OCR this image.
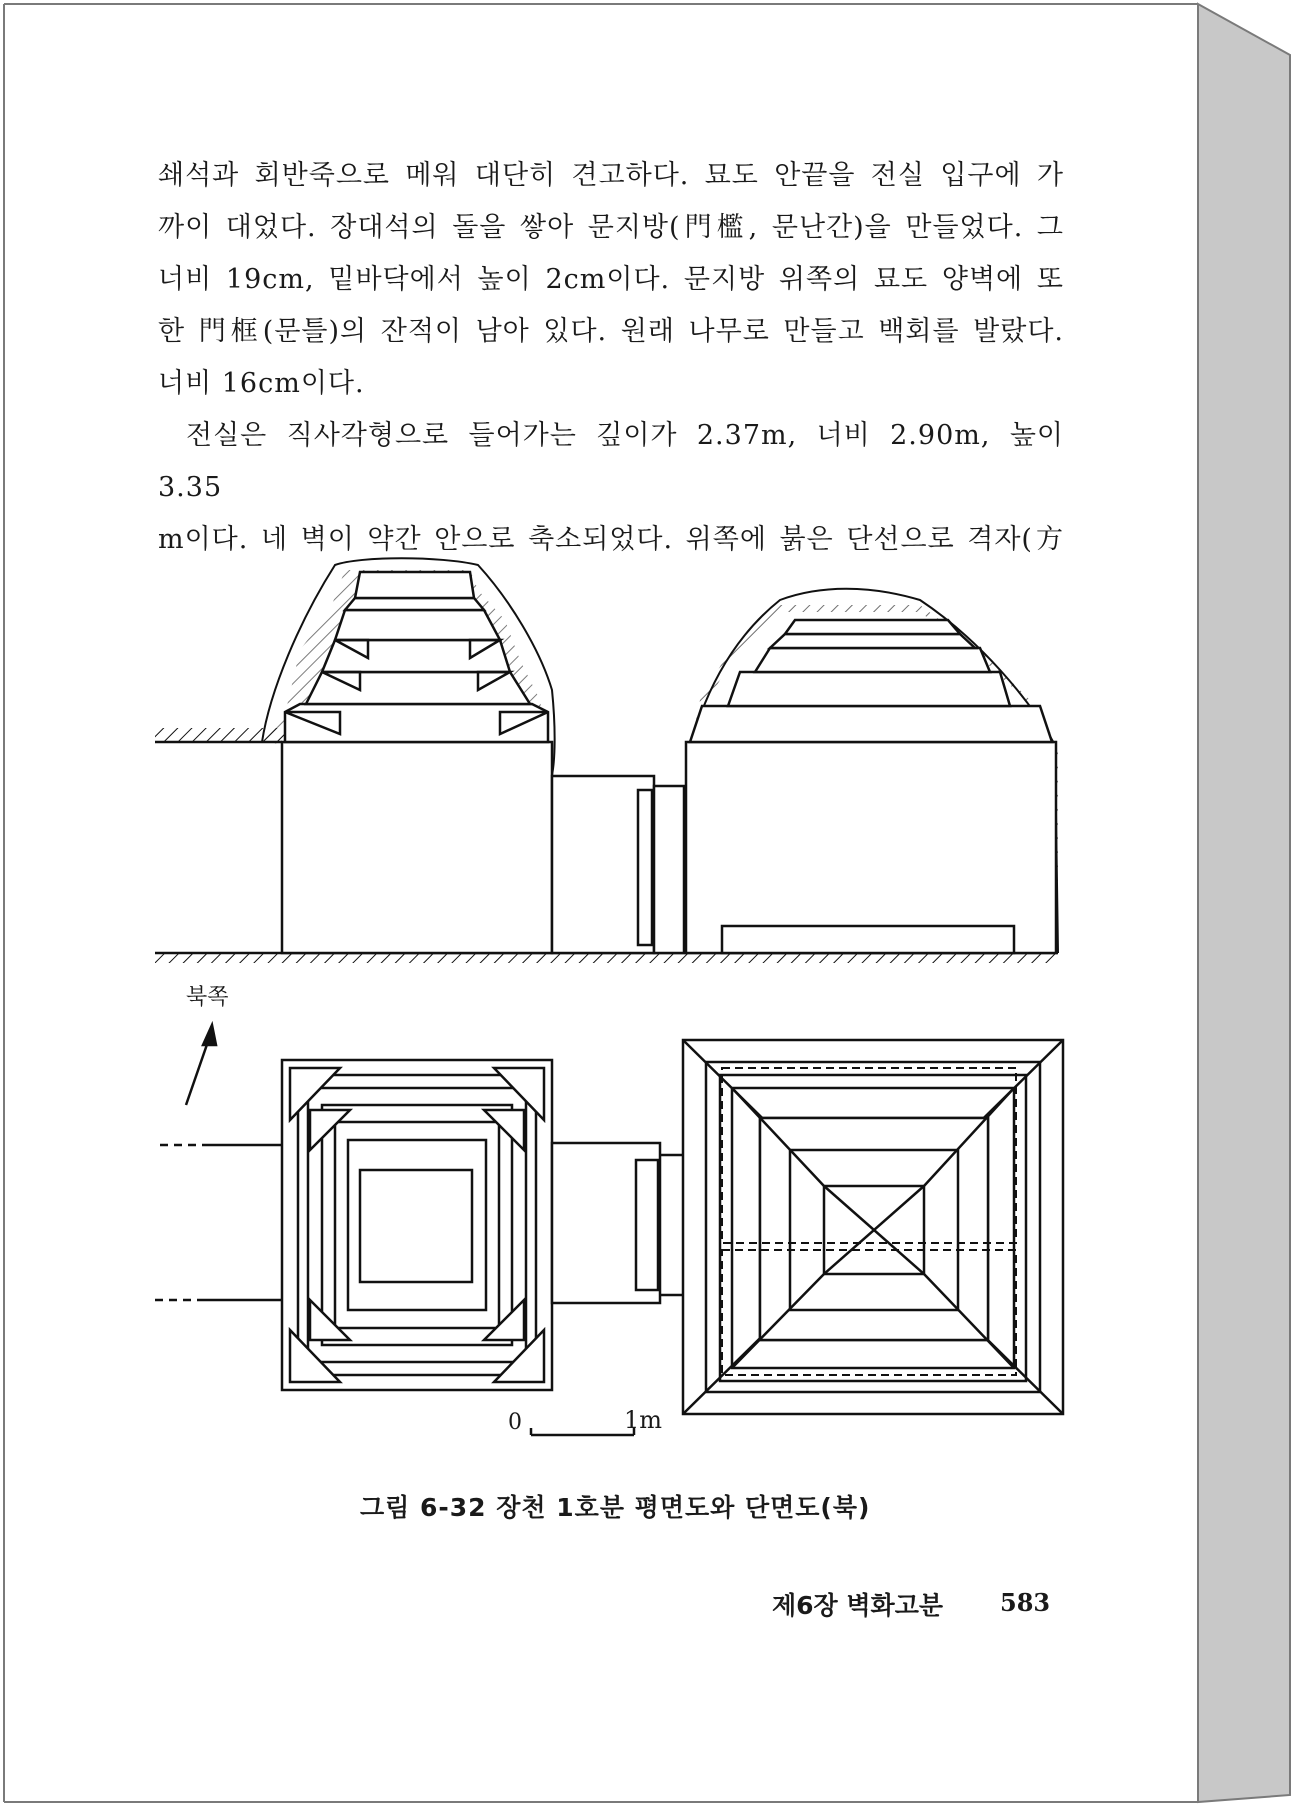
쇄석과 회반죽으로 메워 대단히 견고하다. 묘도 안끝을 전실 입구에 가

까이 대었다. 장대석의 돌을 쌓아 문지방(門檻, 문난간)을 만들었다. 그

너비 19cm, 밑바닥에서 높이 2cm이다. 문지방 위쪽의 묘도 양벽에 또

한 門框(문틀)의 잔적이 남아 있다. 원래 나무로 만들고 백회를 발랐다.

너비 16cm이다.

전실은 직사각형으로 들어가는 깊이가 2.37m, 너비 2.90m, 높이 3.35

m이다. 네 벽이 약간 안으로 축소되었다. 위쪽에 붉은 단선으로 격자(方

북쪽
0	1m
그림 6-32 장천 1호분 평면도와 단면도(북)
제6장 벽화고분 583
